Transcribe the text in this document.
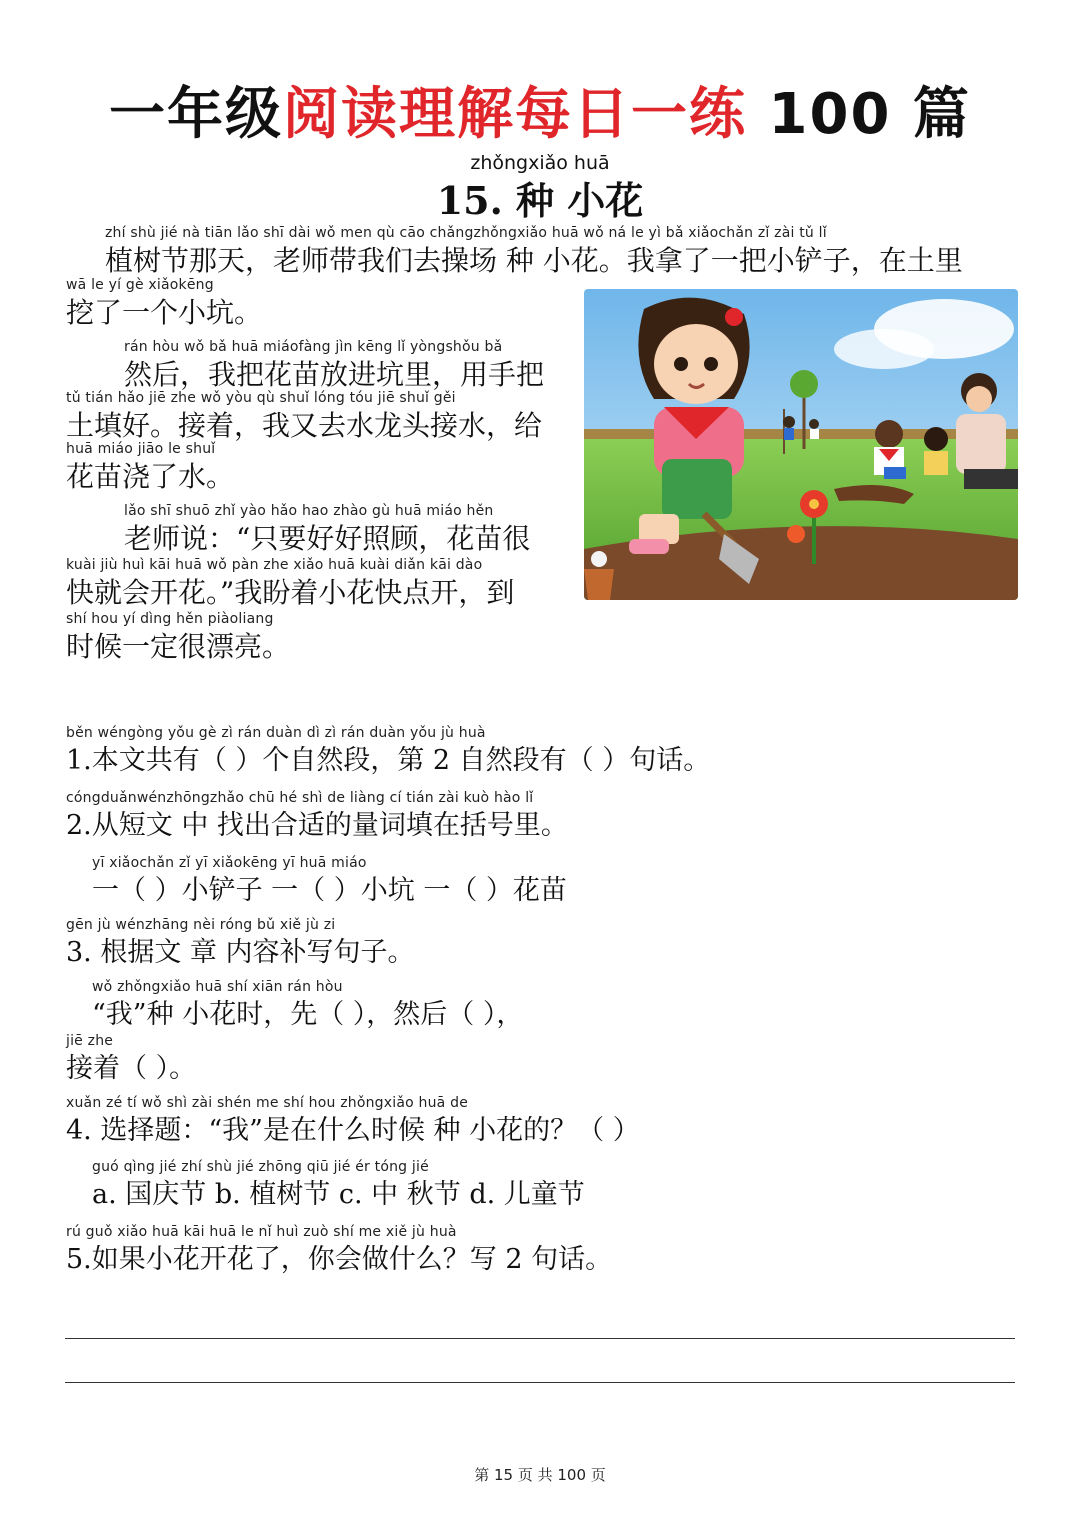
一年级阅读理解每日一练 100 篇
zhǒngxiǎo huā
15. 种 小花
zhí shù jié nà tiān lǎo shī dài wǒ men qù cāo chǎngzhǒngxiǎo huā wǒ ná le yì bǎ xiǎochǎn zǐ zài tǔ lǐ
植树节那天，老师带我们去操场 种 小花。我拿了一把小铲子，在土里
wā le yí gè xiǎokēng
挖了一个小坑。
rán hòu wǒ bǎ huā miáofàng jìn kēng lǐ yòngshǒu bǎ
然后，我把花苗放进坑里，用手把
tǔ tián hǎo jiē zhe wǒ yòu qù shuǐ lóng tóu jiē shuǐ gěi
土填好。接着，我又去水龙头接水，给
huā miáo jiāo le shuǐ
花苗浇了水。
lǎo shī shuō zhǐ yào hǎo hao zhào gù huā miáo hěn
老师说：“只要好好照顾，花苗很
kuài jiù huì kāi huā wǒ pàn zhe xiǎo huā kuài diǎn kāi dào
快就会开花。”我盼着小花快点开，到
shí hou yí dìng hěn piàoliang
时候一定很漂亮。
běn wéngòng yǒu gè zì rán duàn dì zì rán duàn yǒu jù huà
1.本文共有（ ）个自然段，第 2 自然段有（ ）句话。
cóngduǎnwénzhōngzhǎo chū hé shì de liàng cí tián zài kuò hào lǐ
2.从短文 中 找出合适的量词填在括号里。
yī xiǎochǎn zǐ yī xiǎokēng yī huā miáo
一（ ）小铲子 一（ ）小坑 一（ ）花苗
gēn jù wénzhāng nèi róng bǔ xiě jù zi
3. 根据文 章 内容补写句子。
wǒ zhǒngxiǎo huā shí xiān rán hòu
“我”种 小花时，先（ ），然后（ ），
jiē zhe
接着（ ）。
xuǎn zé tí wǒ shì zài shén me shí hou zhǒngxiǎo huā de
4. 选择题：“我”是在什么时候 种 小花的？（ ）
guó qìng jié zhí shù jié zhōng qiū jié ér tóng jié
a. 国庆节 b. 植树节 c. 中 秋节 d. 儿童节
rú guǒ xiǎo huā kāi huā le nǐ huì zuò shí me xiě jù huà
5.如果小花开花了，你会做什么？写 2 句话。
第 15 页 共 100 页
